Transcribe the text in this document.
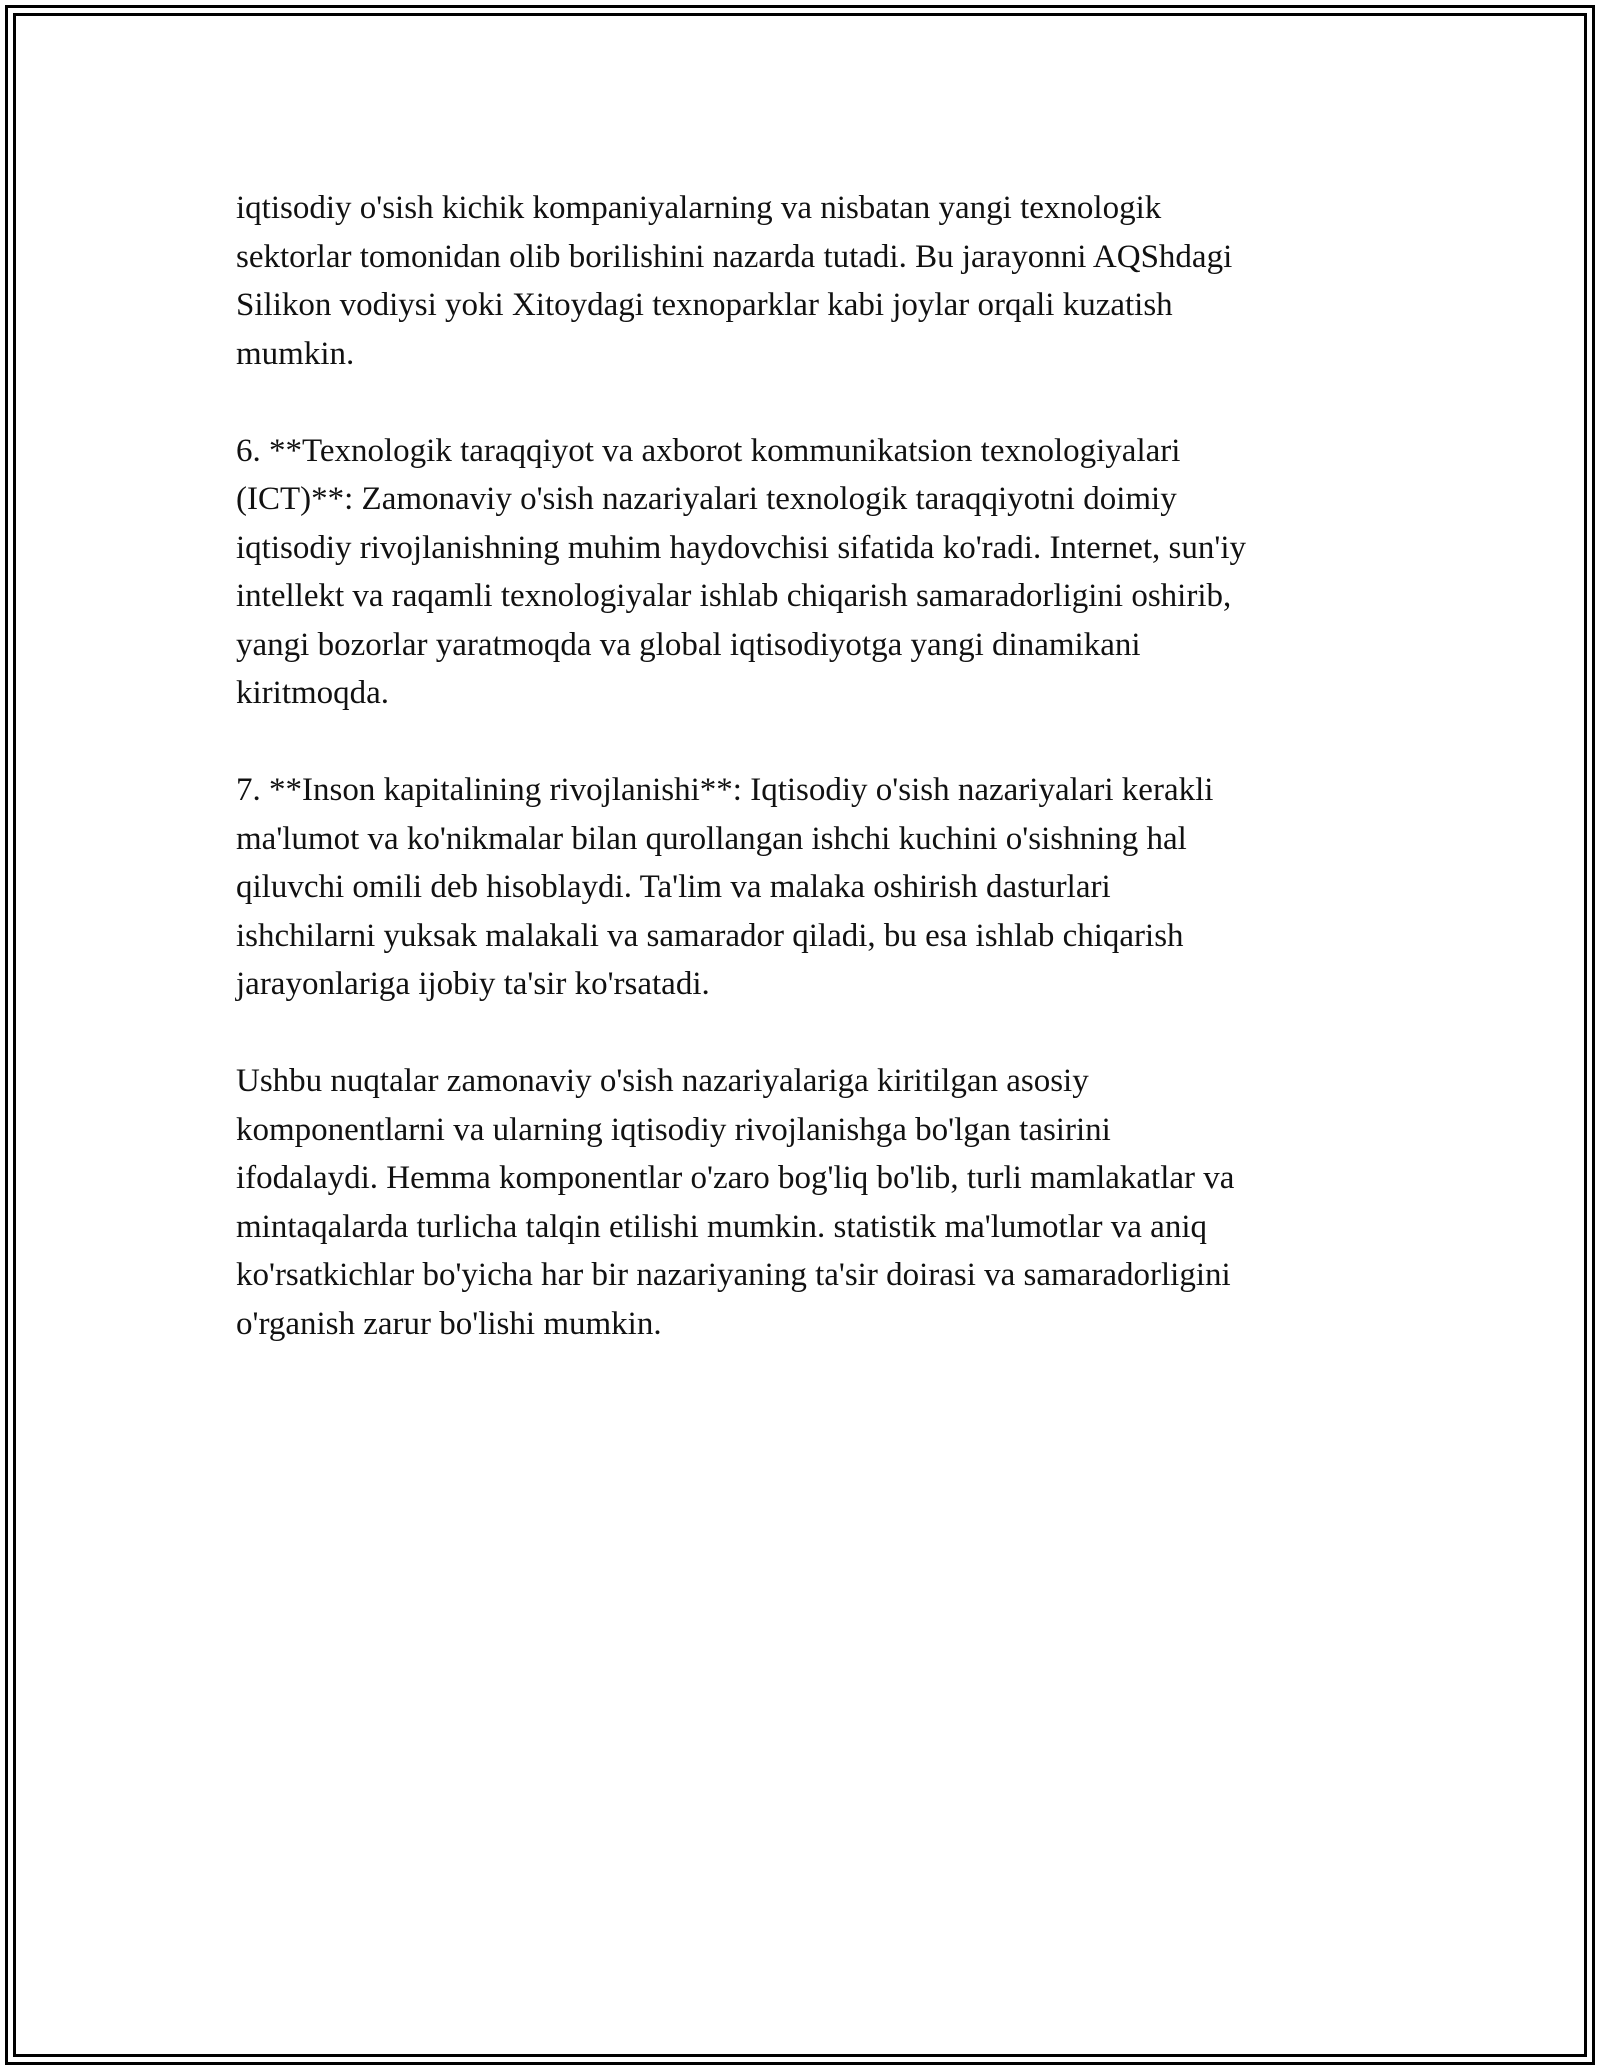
iqtisodiy o'sish kichik kompaniyalarning va nisbatan yangi texnologik
sektorlar tomonidan olib borilishini nazarda tutadi. Bu jarayonni AQShdagi
Silikon vodiysi yoki Xitoydagi texnoparklar kabi joylar orqali kuzatish
mumkin.

6. **Texnologik taraqqiyot va axborot kommunikatsion texnologiyalari
(ICT)**: Zamonaviy o'sish nazariyalari texnologik taraqqiyotni doimiy
iqtisodiy rivojlanishning muhim haydovchisi sifatida ko'radi. Internet, sun'iy
intellekt va raqamli texnologiyalar ishlab chiqarish samaradorligini oshirib,
yangi bozorlar yaratmoqda va global iqtisodiyotga yangi dinamikani
kiritmoqda.

7. **Inson kapitalining rivojlanishi**: Iqtisodiy o'sish nazariyalari kerakli
ma'lumot va ko'nikmalar bilan qurollangan ishchi kuchini o'sishning hal
qiluvchi omili deb hisoblaydi. Ta'lim va malaka oshirish dasturlari
ishchilarni yuksak malakali va samarador qiladi, bu esa ishlab chiqarish
jarayonlariga ijobiy ta'sir ko'rsatadi.

Ushbu nuqtalar zamonaviy o'sish nazariyalariga kiritilgan asosiy
komponentlarni va ularning iqtisodiy rivojlanishga bo'lgan tasirini
ifodalaydi. Hemma komponentlar o'zaro bog'liq bo'lib, turli mamlakatlar va
mintaqalarda turlicha talqin etilishi mumkin. statistik ma'lumotlar va aniq
ko'rsatkichlar bo'yicha har bir nazariyaning ta'sir doirasi va samaradorligini
o'rganish zarur bo'lishi mumkin.
